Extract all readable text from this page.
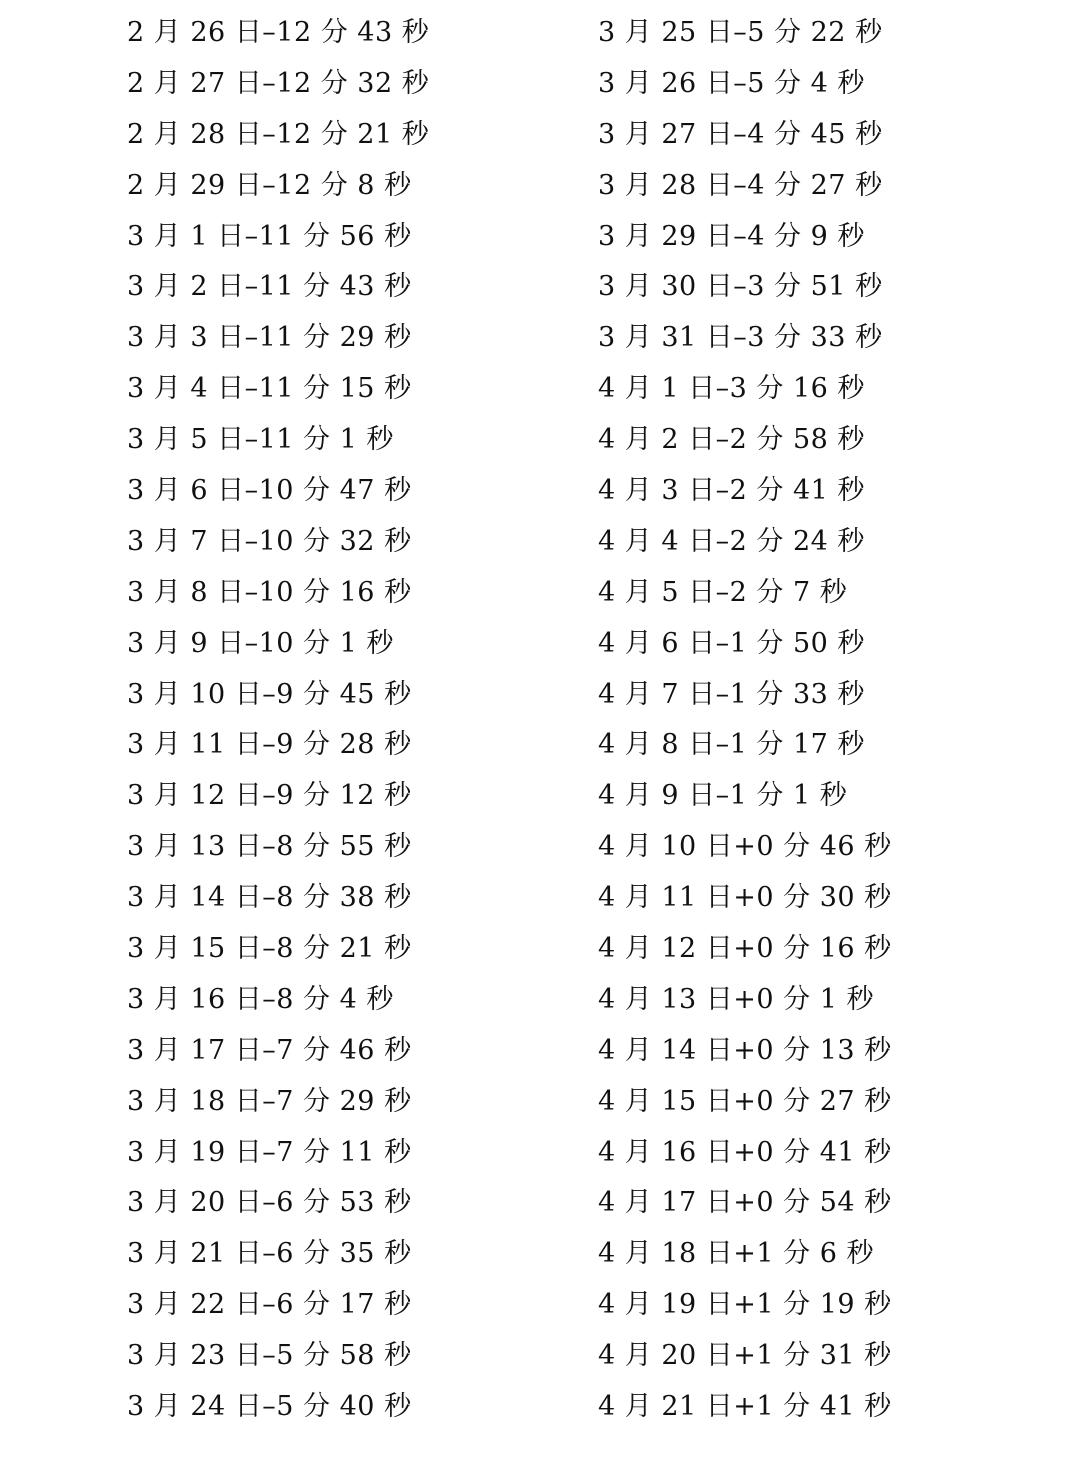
2 月 26 日–12 分 43 秒
2 月 27 日–12 分 32 秒
2 月 28 日–12 分 21 秒
2 月 29 日–12 分 8 秒
3 月 1 日–11 分 56 秒
3 月 2 日–11 分 43 秒
3 月 3 日–11 分 29 秒
3 月 4 日–11 分 15 秒
3 月 5 日–11 分 1 秒
3 月 6 日–10 分 47 秒
3 月 7 日–10 分 32 秒
3 月 8 日–10 分 16 秒
3 月 9 日–10 分 1 秒
3 月 10 日–9 分 45 秒
3 月 11 日–9 分 28 秒
3 月 12 日–9 分 12 秒
3 月 13 日–8 分 55 秒
3 月 14 日–8 分 38 秒
3 月 15 日–8 分 21 秒
3 月 16 日–8 分 4 秒
3 月 17 日–7 分 46 秒
3 月 18 日–7 分 29 秒
3 月 19 日–7 分 11 秒
3 月 20 日–6 分 53 秒
3 月 21 日–6 分 35 秒
3 月 22 日–6 分 17 秒
3 月 23 日–5 分 58 秒
3 月 24 日–5 分 40 秒
3 月 25 日–5 分 22 秒
3 月 26 日–5 分 4 秒
3 月 27 日–4 分 45 秒
3 月 28 日–4 分 27 秒
3 月 29 日–4 分 9 秒
3 月 30 日–3 分 51 秒
3 月 31 日–3 分 33 秒
4 月 1 日–3 分 16 秒
4 月 2 日–2 分 58 秒
4 月 3 日–2 分 41 秒
4 月 4 日–2 分 24 秒
4 月 5 日–2 分 7 秒
4 月 6 日–1 分 50 秒
4 月 7 日–1 分 33 秒
4 月 8 日–1 分 17 秒
4 月 9 日–1 分 1 秒
4 月 10 日+0 分 46 秒
4 月 11 日+0 分 30 秒
4 月 12 日+0 分 16 秒
4 月 13 日+0 分 1 秒
4 月 14 日+0 分 13 秒
4 月 15 日+0 分 27 秒
4 月 16 日+0 分 41 秒
4 月 17 日+0 分 54 秒
4 月 18 日+1 分 6 秒
4 月 19 日+1 分 19 秒
4 月 20 日+1 分 31 秒
4 月 21 日+1 分 41 秒
